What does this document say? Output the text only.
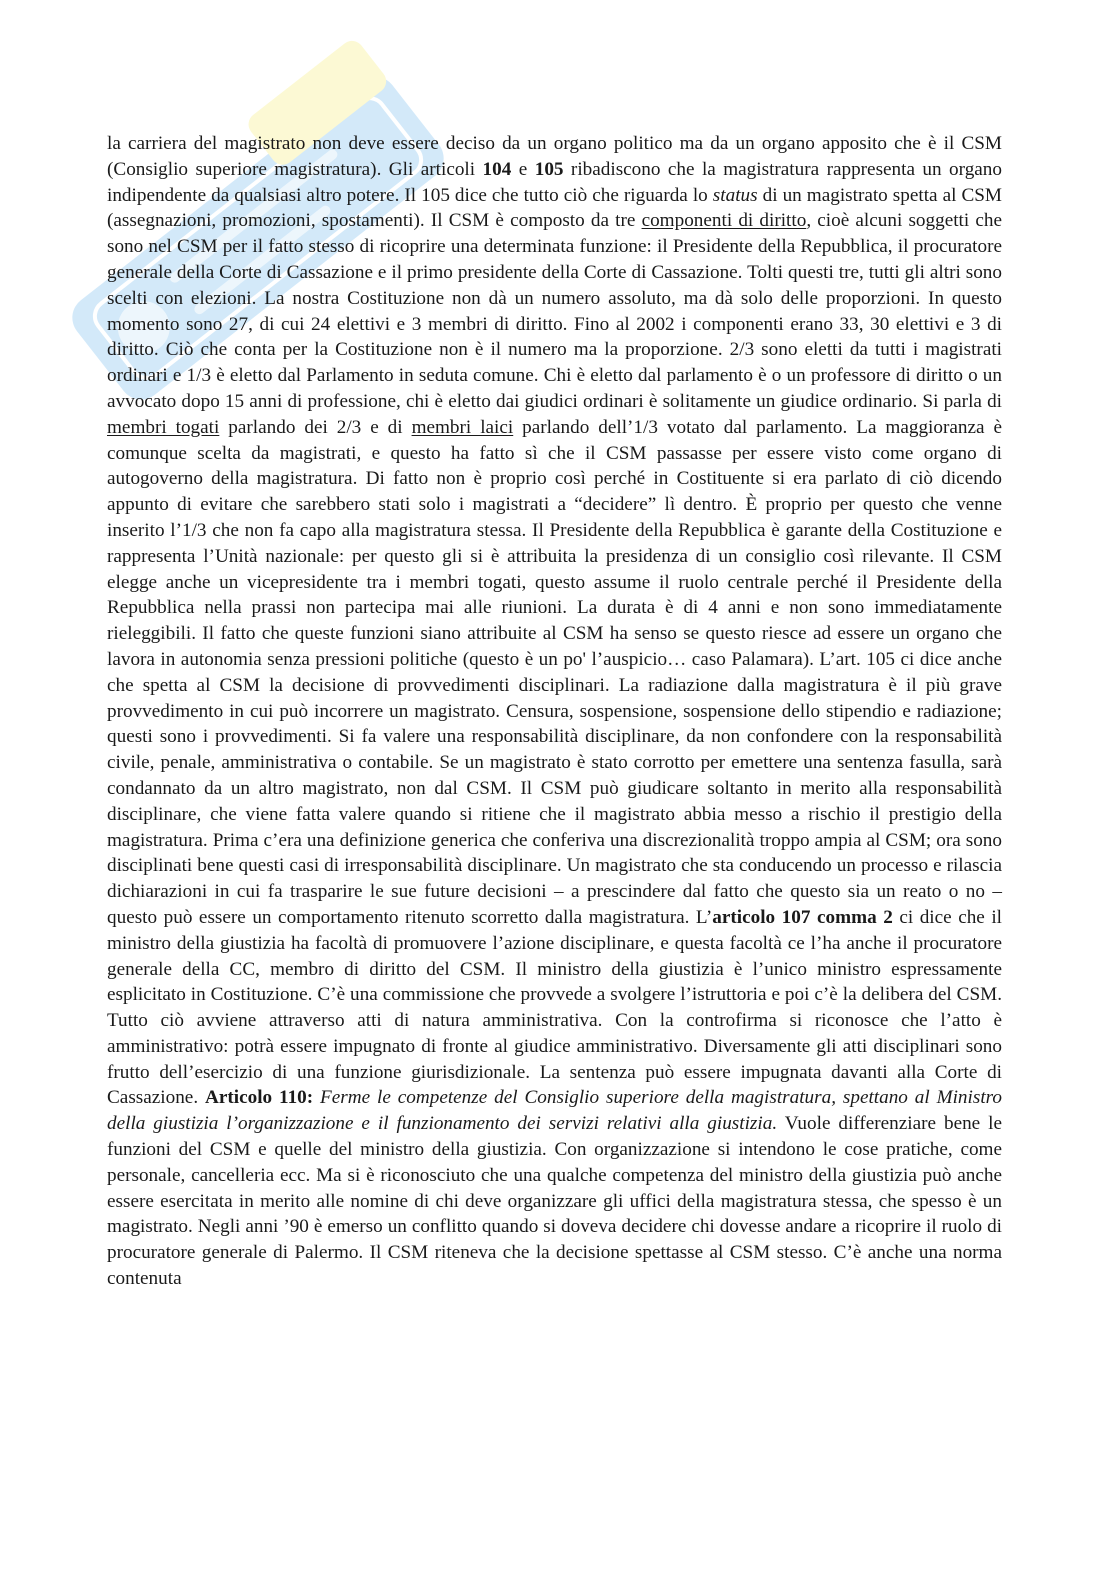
la carriera del magistrato non deve essere deciso da un organo politico ma da un organo apposito che è il CSM (Consiglio superiore magistratura). Gli articoli 104 e 105 ribadiscono che la magistratura rappresenta un organo indipendente da qualsiasi altro potere. Il 105 dice che tutto ciò che riguarda lo status di un magistrato spetta al CSM (assegnazioni, promozioni, spostamenti). Il CSM è composto da tre componenti di diritto, cioè alcuni soggetti che sono nel CSM per il fatto stesso di ricoprire una determinata funzione: il Presidente della Repubblica, il procuratore generale della Corte di Cassazione e il primo presidente della Corte di Cassazione. Tolti questi tre, tutti gli altri sono scelti con elezioni. La nostra Costituzione non dà un numero assoluto, ma dà solo delle proporzioni. In questo momento sono 27, di cui 24 elettivi e 3 membri di diritto. Fino al 2002 i componenti erano 33, 30 elettivi e 3 di diritto. Ciò che conta per la Costituzione non è il numero ma la proporzione. 2/3 sono eletti da tutti i magistrati ordinari e 1/3 è eletto dal Parlamento in seduta comune. Chi è eletto dal parlamento è o un professore di diritto o un avvocato dopo 15 anni di professione, chi è eletto dai giudici ordinari è solitamente un giudice ordinario. Si parla di membri togati parlando dei 2/3 e di membri laici parlando dell’1/3 votato dal parlamento. La maggioranza è comunque scelta da magistrati, e questo ha fatto sì che il CSM passasse per essere visto come organo di autogoverno della magistratura. Di fatto non è proprio così perché in Costituente si era parlato di ciò dicendo appunto di evitare che sarebbero stati solo i magistrati a “decidere” lì dentro. È proprio per questo che venne inserito l’1/3 che non fa capo alla magistratura stessa. Il Presidente della Repubblica è garante della Costituzione e rappresenta l’Unità nazionale: per questo gli si è attribuita la presidenza di un consiglio così rilevante. Il CSM elegge anche un vicepresidente tra i membri togati, questo assume il ruolo centrale perché il Presidente della Repubblica nella prassi non partecipa mai alle riunioni. La durata è di 4 anni e non sono immediatamente rieleggibili. Il fatto che queste funzioni siano attribuite al CSM ha senso se questo riesce ad essere un organo che lavora in autonomia senza pressioni politiche (questo è un po' l’auspicio… caso Palamara). L’art. 105 ci dice anche che spetta al CSM la decisione di provvedimenti disciplinari. La radiazione dalla magistratura è il più grave provvedimento in cui può incorrere un magistrato. Censura, sospensione, sospensione dello stipendio e radiazione; questi sono i provvedimenti. Si fa valere una responsabilità disciplinare, da non confondere con la responsabilità civile, penale, amministrativa o contabile. Se un magistrato è stato corrotto per emettere una sentenza fasulla, sarà condannato da un altro magistrato, non dal CSM. Il CSM può giudicare soltanto in merito alla responsabilità disciplinare, che viene fatta valere quando si ritiene che il magistrato abbia messo a rischio il prestigio della magistratura. Prima c’era una definizione generica che conferiva una discrezionalità troppo ampia al CSM; ora sono disciplinati bene questi casi di irresponsabilità disciplinare. Un magistrato che sta conducendo un processo e rilascia dichiarazioni in cui fa trasparire le sue future decisioni – a prescindere dal fatto che questo sia un reato o no – questo può essere un comportamento ritenuto scorretto dalla magistratura. L’articolo 107 comma 2 ci dice che il ministro della giustizia ha facoltà di promuovere l’azione disciplinare, e questa facoltà ce l’ha anche il procuratore generale della CC, membro di diritto del CSM. Il ministro della giustizia è l’unico ministro espressamente esplicitato in Costituzione. C’è una commissione che provvede a svolgere l’istruttoria e poi c’è la delibera del CSM. Tutto ciò avviene attraverso atti di natura amministrativa. Con la controfirma si riconosce che l’atto è amministrativo: potrà essere impugnato di fronte al giudice amministrativo. Diversamente gli atti disciplinari sono frutto dell’esercizio di una funzione giurisdizionale. La sentenza può essere impugnata davanti alla Corte di Cassazione. Articolo 110: Ferme le competenze del Consiglio superiore della magistratura, spettano al Ministro della giustizia l’organizzazione e il funzionamento dei servizi relativi alla giustizia. Vuole differenziare bene le funzioni del CSM e quelle del ministro della giustizia. Con organizzazione si intendono le cose pratiche, come personale, cancelleria ecc. Ma si è riconosciuto che una qualche competenza del ministro della giustizia può anche essere esercitata in merito alle nomine di chi deve organizzare gli uffici della magistratura stessa, che spesso è un magistrato. Negli anni ’90 è emerso un conflitto quando si doveva decidere chi dovesse andare a ricoprire il ruolo di procuratore generale di Palermo. Il CSM riteneva che la decisione spettasse al CSM stesso. C’è anche una norma contenuta
